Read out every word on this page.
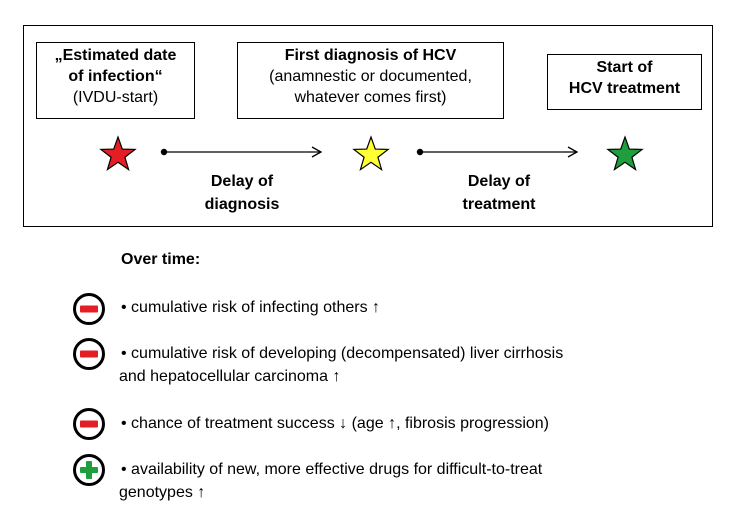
„Estimated date
of infection“
(IVDU-start)
First diagnosis of HCV
(anamnestic or documented,
whatever comes first)
Start of
HCV treatment
Delay of
diagnosis
Delay of
treatment
Over time:
• cumulative risk of infecting others ↑
• cumulative risk of developing (decompensated) liver cirrhosis
and hepatocellular carcinoma ↑
• chance of treatment success ↓ (age ↑, fibrosis progression)
• availability of new, more effective drugs for difficult-to-treat
genotypes ↑
